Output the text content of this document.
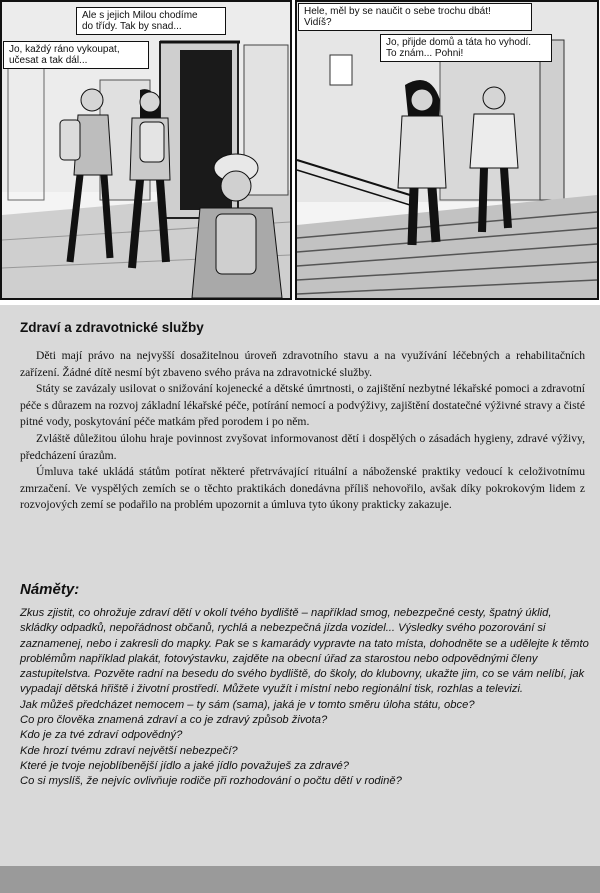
Ale s jejich Milou chodíme
do třídy. Tak by snad...
Jo, každý ráno vykoupat,
učesat a tak dál...
Hele, měl by se naučit o sebe trochu dbát!
Vidíš?
Jo, přijde domů a táta ho vyhodí.
To znám... Pohni!
Zdraví a zdravotnické služby

Děti mají právo na nejvyšší dosažitelnou úroveň zdravotního stavu a na využívání léčebných a rehabilitačních zařízení. Žádné dítě nesmí být zbaveno svého práva na zdravotnické služby.

Státy se zavázaly usilovat o snižování kojenecké a dětské úmrtnosti, o zajištění nezbytné lékařské pomoci a zdravotní péče s důrazem na rozvoj základní lékařské péče, potírání nemocí a podvýživy, zajištění dostatečné výživné stravy a čisté pitné vody, poskytování péče matkám před porodem i po něm.

Zvláště důležitou úlohu hraje povinnost zvyšovat informovanost dětí i dospělých o zásadách hygieny, zdravé výživy, předcházení úrazům.

Úmluva také ukládá státům potírat některé přetrvávající rituální a náboženské praktiky vedoucí k celoživotnímu zmrzačení. Ve vyspělých zemích se o těchto praktikách donedávna příliš nehovořilo, avšak díky pokrokovým lidem z rozvojových zemí se podařilo na problém upozornit a úmluva tyto úkony prakticky zakazuje.

Náměty:

Zkus zjistit, co ohrožuje zdraví dětí v okolí tvého bydliště – například smog, nebezpečné cesty, špatný úklid, skládky odpadků, nepořádnost občanů, rychlá a nebezpečná jízda vozidel... Výsledky svého pozorování si zaznamenej, nebo i zakresli do mapky. Pak se s kamarády vypravte na tato místa, dohodněte se a udělejte k těmto problémům například plakát, fotovýstavku, zajděte na obecní úřad za starostou nebo odpovědnými členy zastupitelstva. Pozvěte radní na besedu do svého bydliště, do školy, do klubovny, ukažte jim, co se vám nelíbí, jak vypadají dětská hřiště i životní prostředí. Můžete využít i místní nebo regionální tisk, rozhlas a televizi.

Jak můžeš předcházet nemocem – ty sám (sama), jaká je v tomto směru úloha státu, obce?

Co pro člověka znamená zdraví a co je zdravý způsob života?

Kdo je za tvé zdraví odpovědný?

Kde hrozí tvému zdraví největší nebezpečí?

Které je tvoje nejoblíbenější jídlo a jaké jídlo považuješ za zdravé?

Co si myslíš, že nejvíc ovlivňuje rodiče při rozhodování o počtu dětí v rodině?
